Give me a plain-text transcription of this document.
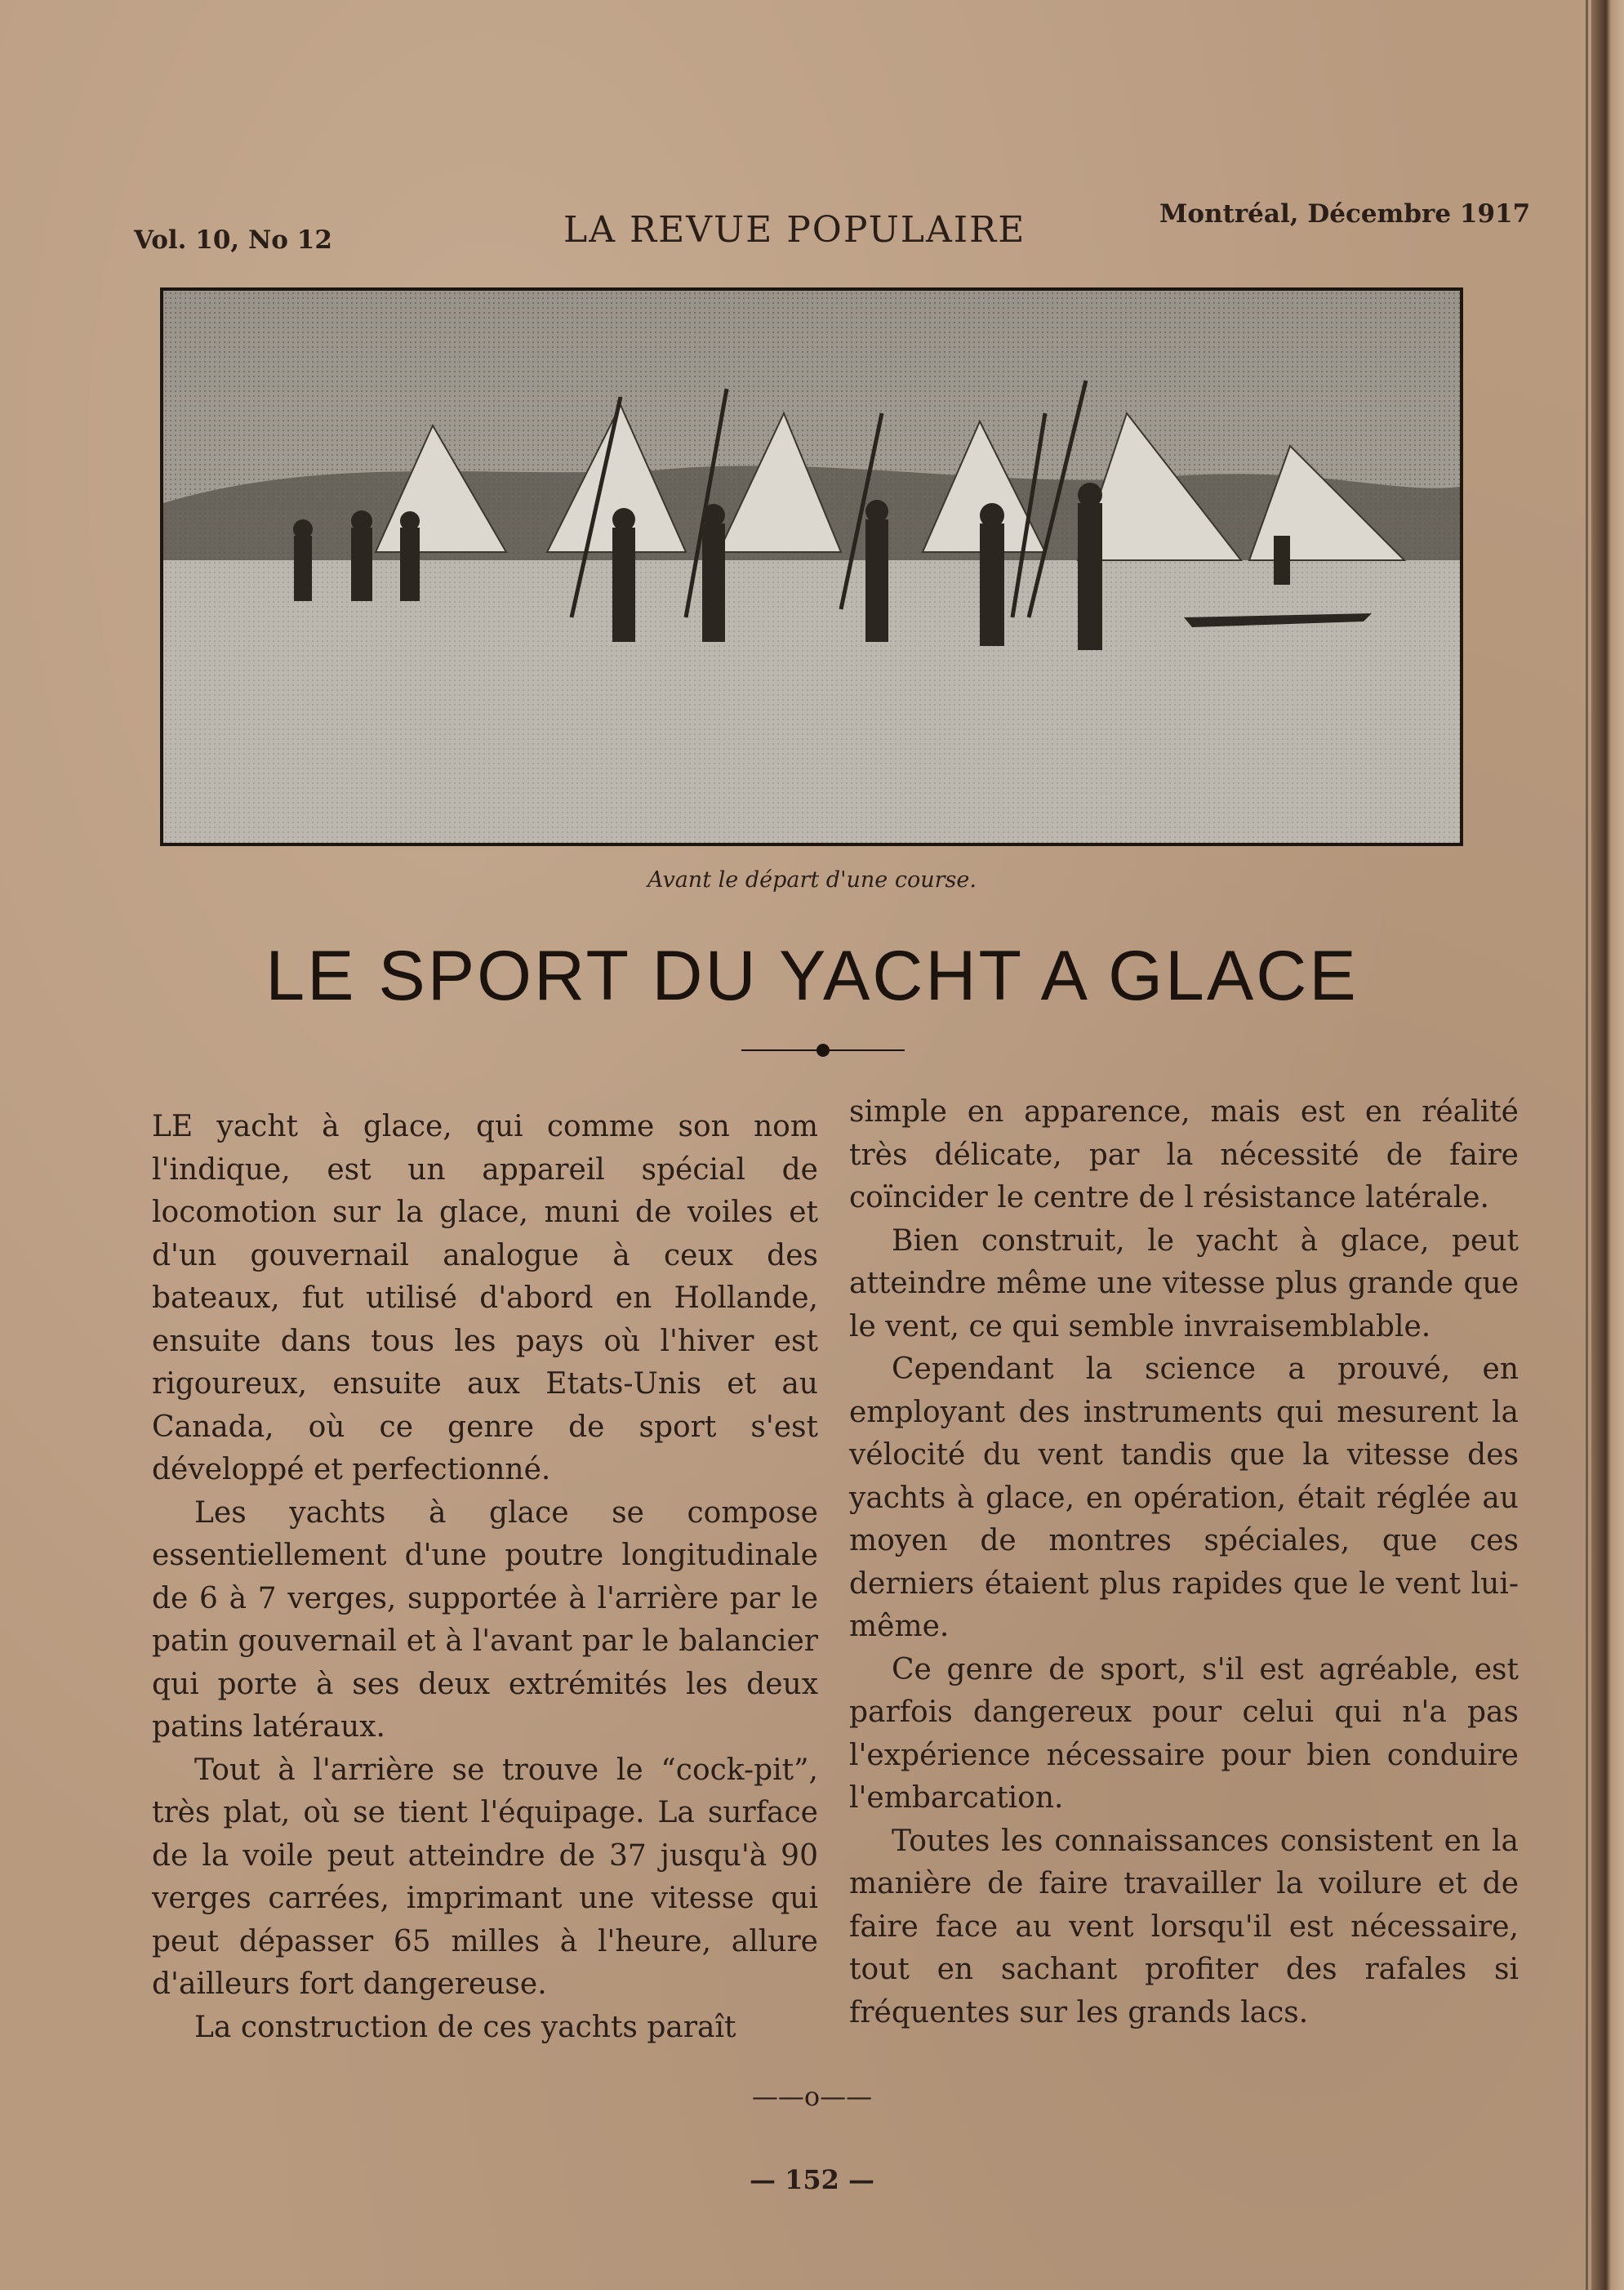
Vol. 10, No 12	LA REVUE POPULAIRE	Montréal, Décembre 1917
Avant le départ d'une course.
LE SPORT DU YACHT A GLACE

LE yacht à glace, qui comme son nom l'indique, est un appareil spécial de locomotion sur la glace, muni de voiles et d'un gouvernail analogue à ceux des bateaux, fut utilisé d'abord en Hollande, ensuite dans tous les pays où l'hiver est rigoureux, ensuite aux Etats-Unis et au Canada, où ce genre de sport s'est développé et perfectionné.

Les yachts à glace se compose essentiellement d'une poutre longitudinale de 6 à 7 verges, supportée à l'arrière par le patin gouvernail et à l'avant par le balancier qui porte à ses deux extrémités les deux patins latéraux.

Tout à l'arrière se trouve le “cock-pit”, très plat, où se tient l'équipage. La surface de la voile peut atteindre de 37 jusqu'à 90 verges carrées, imprimant une vitesse qui peut dépasser 65 milles à l'heure, allure d'ailleurs fort dangereuse.

La construction de ces yachts paraît

simple en apparence, mais est en réalité très délicate, par la nécessité de faire coïncider le centre de l résistance latérale.

Bien construit, le yacht à glace, peut atteindre même une vitesse plus grande que le vent, ce qui semble invraisemblable.

Cependant la science a prouvé, en employant des instruments qui mesurent la vélocité du vent tandis que la vitesse des yachts à glace, en opération, était réglée au moyen de montres spéciales, que ces derniers étaient plus rapides que le vent lui-même.

Ce genre de sport, s'il est agréable, est parfois dangereux pour celui qui n'a pas l'expérience nécessaire pour bien conduire l'embarcation.

Toutes les connaissances consistent en la manière de faire travailler la voilure et de faire face au vent lorsqu'il est nécessaire, tout en sachant profiter des rafales si fréquentes sur les grands lacs.

——o——
— 152 —
